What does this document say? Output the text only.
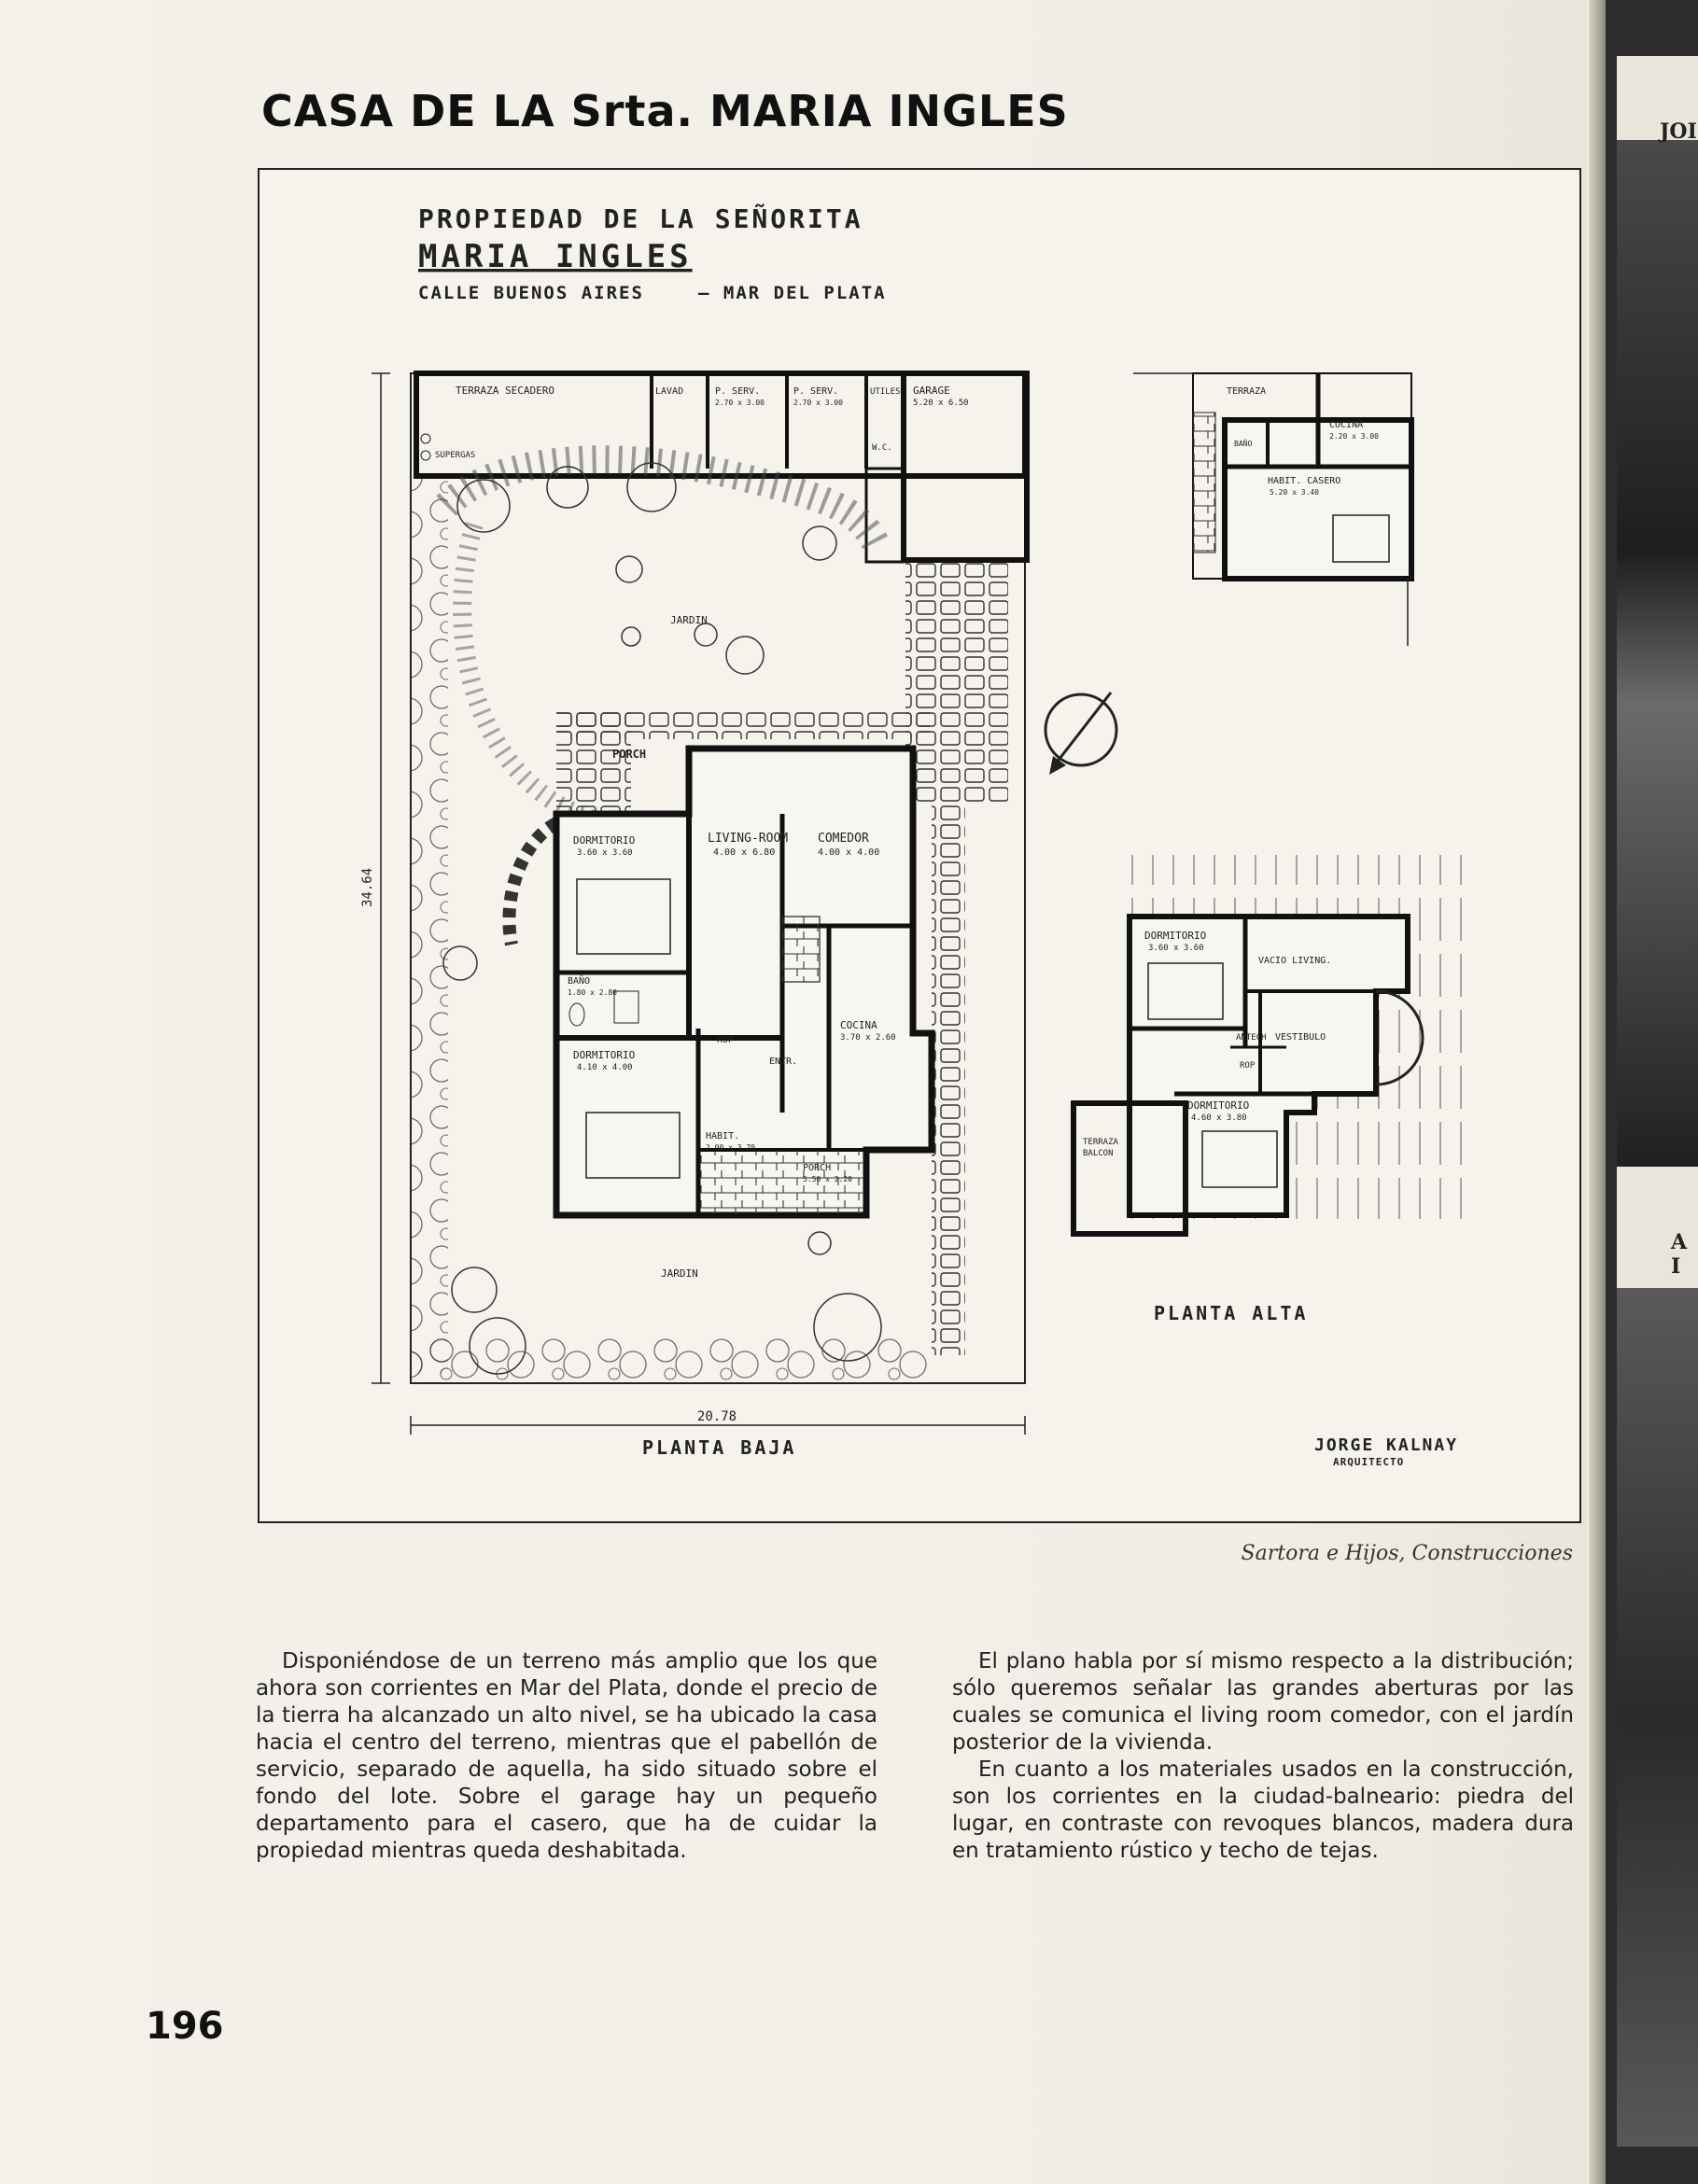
JOI
A I
CASA DE LA Srta. MARIA INGLES
PROPIEDAD DE LA SEÑORITA
MARIA INGLES
CALLE BUENOS AIRES	— MAR DEL PLATA
34.64
20.78
TERRAZA SECADERO	LAVAD	P. SERV.
2.70 x 3.00
P. SERV.
2.70 x 3.00
UTILES
W.C.
GARAGE
5.20 x 6.50
SUPERGAS
JARDIN
JARDIN
PORCH
LIVING-ROOM
4.00 x 6.80
COMEDOR
4.00 x 4.00
DORMITORIO
3.60 x 3.60
BAÑO
1.80 x 2.80
DORMITORIO
4.10 x 4.00
ROP
ENTR.
COCINA
3.70 x 2.60
HABIT.
2.00 x 3.70
PORCH
5.50 x 2.20
PLANTA BAJA
TERRAZA
BAÑO
COCINA
2.20 x 3.00
HABIT. CASERO
5.20 x 3.40
DORMITORIO
3.60 x 3.60
VACIO LIVING.
ANTECH VESTIBULO
ROP
DORMITORIO
4.60 x 3.80
TERRAZA
BALCON
PLANTA ALTA
JORGE KALNAY
ARQUITECTO
Sartora e Hijos, Construcciones

Disponiéndose de un terreno más amplio que los que ahora son corrientes en Mar del Plata, donde el precio de la tierra ha alcanzado un alto nivel, se ha ubicado la casa hacia el centro del terreno, mientras que el pabellón de servicio, separado de aquella, ha sido situado sobre el fondo del lote. Sobre el garage hay un pequeño departamento para el casero, que ha de cuidar la propiedad mientras queda deshabitada.

El plano habla por sí mismo respecto a la distribución; sólo queremos señalar las grandes aberturas por las cuales se comunica el living room comedor, con el jardín posterior de la vivienda.

En cuanto a los materiales usados en la construcción, son los corrientes en la ciudad-balneario: piedra del lugar, en contraste con revoques blancos, madera dura en tratamiento rústico y techo de tejas.

196
